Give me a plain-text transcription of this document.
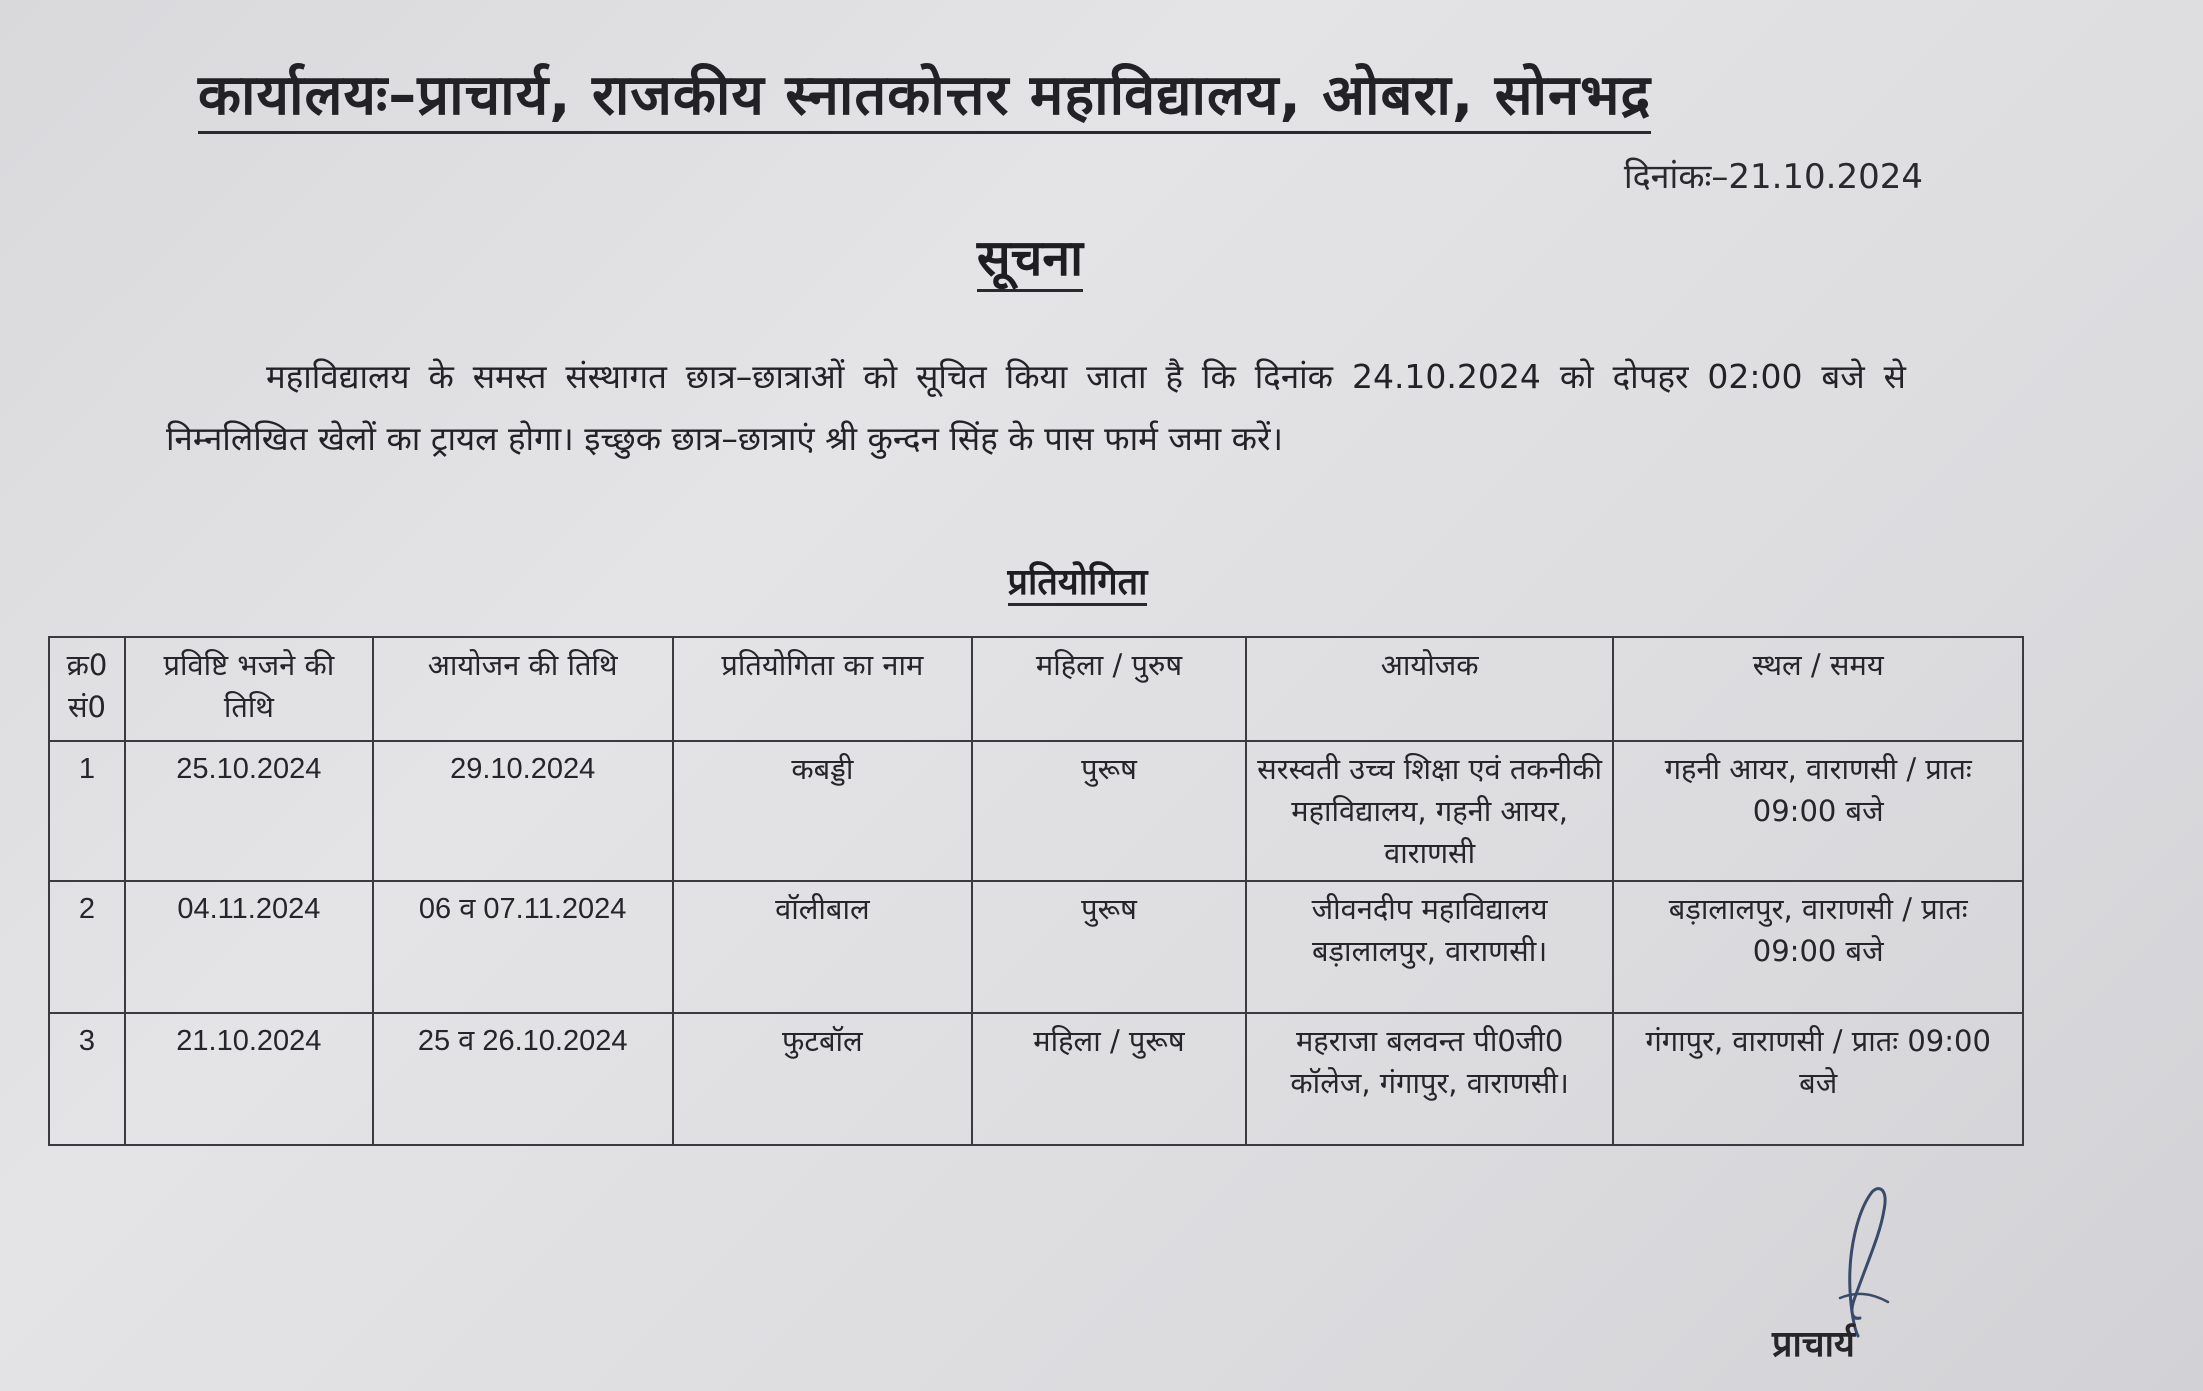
कार्यालयः–प्राचार्य, राजकीय स्नातकोत्तर महाविद्यालय, ओबरा, सोनभद्र
दिनांकः–21.10.2024
सूचना
महाविद्यालय के समस्त संस्थागत छात्र–छात्राओं को सूचित किया जाता है कि दिनांक 24.10.2024 को दोपहर 02:00 बजे से निम्नलिखित खेलों का ट्रायल होगा। इच्छुक छात्र–छात्राएं श्री कुन्दन सिंह के पास फार्म जमा करें।
प्रतियोगिता
क्र0 सं0	प्रविष्टि भजने की तिथि	आयोजन की तिथि	प्रतियोगिता का नाम	महिला / पुरुष	आयोजक	स्थल / समय
1	25.10.2024	29.10.2024	कबड्डी	पुरूष	सरस्वती उच्च शिक्षा एवं तकनीकी महाविद्यालय, गहनी आयर, वाराणसी	गहनी आयर, वाराणसी / प्रातः 09:00 बजे
2	04.11.2024	06 व 07.11.2024	वॉलीबाल	पुरूष	जीवनदीप महाविद्यालय बड़ालालपुर, वाराणसी।	बड़ालालपुर, वाराणसी / प्रातः 09:00 बजे
3	21.10.2024	25 व 26.10.2024	फुटबॉल	महिला / पुरूष	महराजा बलवन्त पी0जी0 कॉलेज, गंगापुर, वाराणसी।	गंगापुर, वाराणसी / प्रातः 09:00 बजे
प्राचार्य
